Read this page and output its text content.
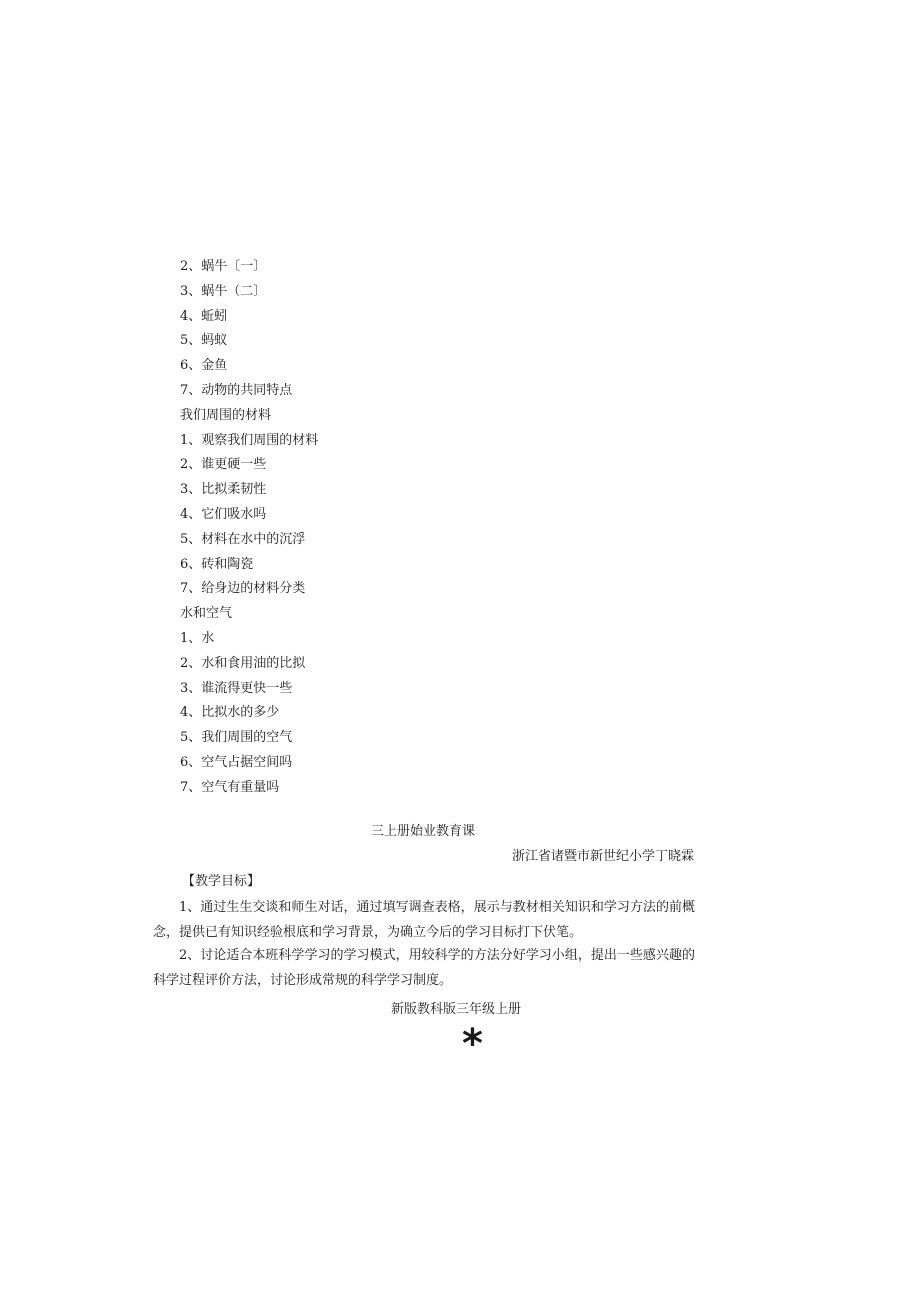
2、蜗牛〔一〕
3、蜗牛（二〕
4、蚯蚓
5、蚂蚁
6、金鱼
7、动物的共同特点
我们周围的材料
1、观察我们周围的材料
2、谁更硬一些
3、比拟柔韧性
4、它们吸水吗
5、材料在水中的沉浮
6、砖和陶瓷
7、给身边的材料分类
水和空气
1、水
2、水和食用油的比拟
3、谁流得更快一些
4、比拟水的多少
5、我们周围的空气
6、空气占据空间吗
7、空气有重量吗
三上册始业教育课
浙江省诸暨市新世纪小学丁晓霖
【教学目标】

1、通过生生交谈和师生对话，通过填写调查表格，展示与教材相关知识和学习方法的前概念，提供已有知识经验根底和学习背景，为确立今后的学习目标打下伏笔。

2、讨论适合本班科学学习的学习模式，用较科学的方法分好学习小组，提出一些感兴趣的科学过程评价方法，讨论形成常规的科学学习制度。

新版教科版三年级上册
*
